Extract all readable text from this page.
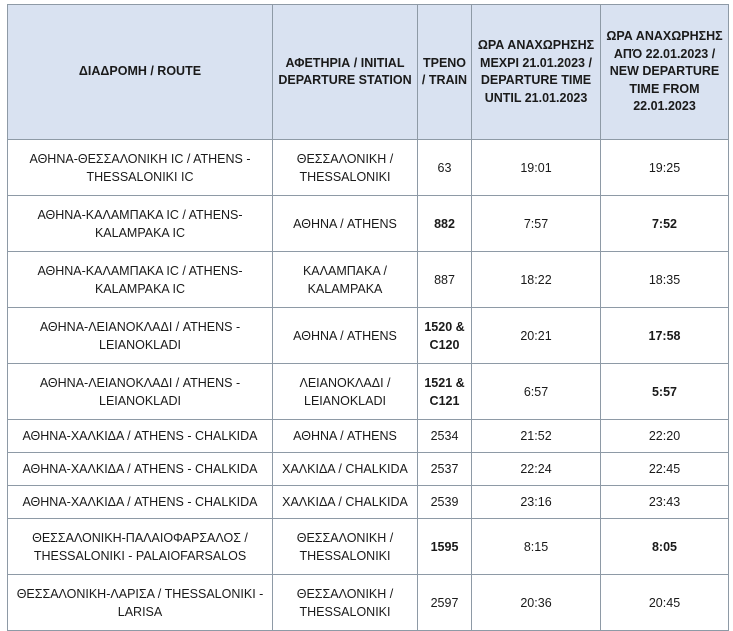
ΔΙΑΔΡΟΜΗ / ROUTE	ΑΦΕΤΗΡΙΑ / INITIAL DEPARTURE STATION	ΤΡΕΝΟ / TRAIN	ΩΡΑ ΑΝΑΧΩΡΗΣΗΣ ΜΕΧΡΙ 21.01.2023 / DEPARTURE TIME UNTIL 21.01.2023	ΩΡΑ ΑΝΑΧΩΡΗΣΗΣ ΑΠΌ 22.01.2023 / NEW DEPARTURE TIME FROM 22.01.2023
ΑΘΗΝΑ-ΘΕΣΣΑΛΟΝΙΚΗ IC / ATHENS - THESSALONIKI IC	ΘΕΣΣΑΛΟΝΙΚΗ / THESSALONIKI	63	19:01	19:25
ΑΘΗΝΑ-ΚΑΛΑΜΠΑΚΑ IC / ATHENS-KALAMPAKA IC	ΑΘΗΝΑ / ATHENS	882	7:57	7:52
ΑΘΗΝΑ-ΚΑΛΑΜΠΑΚΑ IC / ATHENS-KALAMPAKA IC	ΚΑΛΑΜΠΑΚΑ / KALAMPAKA	887	18:22	18:35
ΑΘΗΝΑ-ΛΕΙΑΝΟΚΛΑΔΙ / ATHENS - LEIANOKLADI	ΑΘΗΝΑ / ATHENS	1520 & C120	20:21	17:58
ΑΘΗΝΑ-ΛΕΙΑΝΟΚΛΑΔΙ / ATHENS - LEIANOKLADI	ΛΕΙΑΝΟΚΛΑΔΙ / LEIANOKLADI	1521 & C121	6:57	5:57
ΑΘΗΝΑ-ΧΑΛΚΙΔΑ / ATHENS - CHALKIDA	ΑΘΗΝΑ / ATHENS	2534	21:52	22:20
ΑΘΗΝΑ-ΧΑΛΚΙΔΑ / ATHENS - CHALKIDA	ΧΑΛΚΙΔΑ / CHALKIDA	2537	22:24	22:45
ΑΘΗΝΑ-ΧΑΛΚΙΔΑ / ATHENS - CHALKIDA	ΧΑΛΚΙΔΑ / CHALKIDA	2539	23:16	23:43
ΘΕΣΣΑΛΟΝΙΚΗ-ΠΑΛΑΙΟΦΑΡΣΑΛΟΣ / THESSALONIKI - PALAIOFARSALOS	ΘΕΣΣΑΛΟΝΙΚΗ / THESSALONIKI	1595	8:15	8:05
ΘΕΣΣΑΛΟΝΙΚΗ-ΛΑΡΙΣΑ / THESSALONIKI - LARISA	ΘΕΣΣΑΛΟΝΙΚΗ / THESSALONIKI	2597	20:36	20:45
